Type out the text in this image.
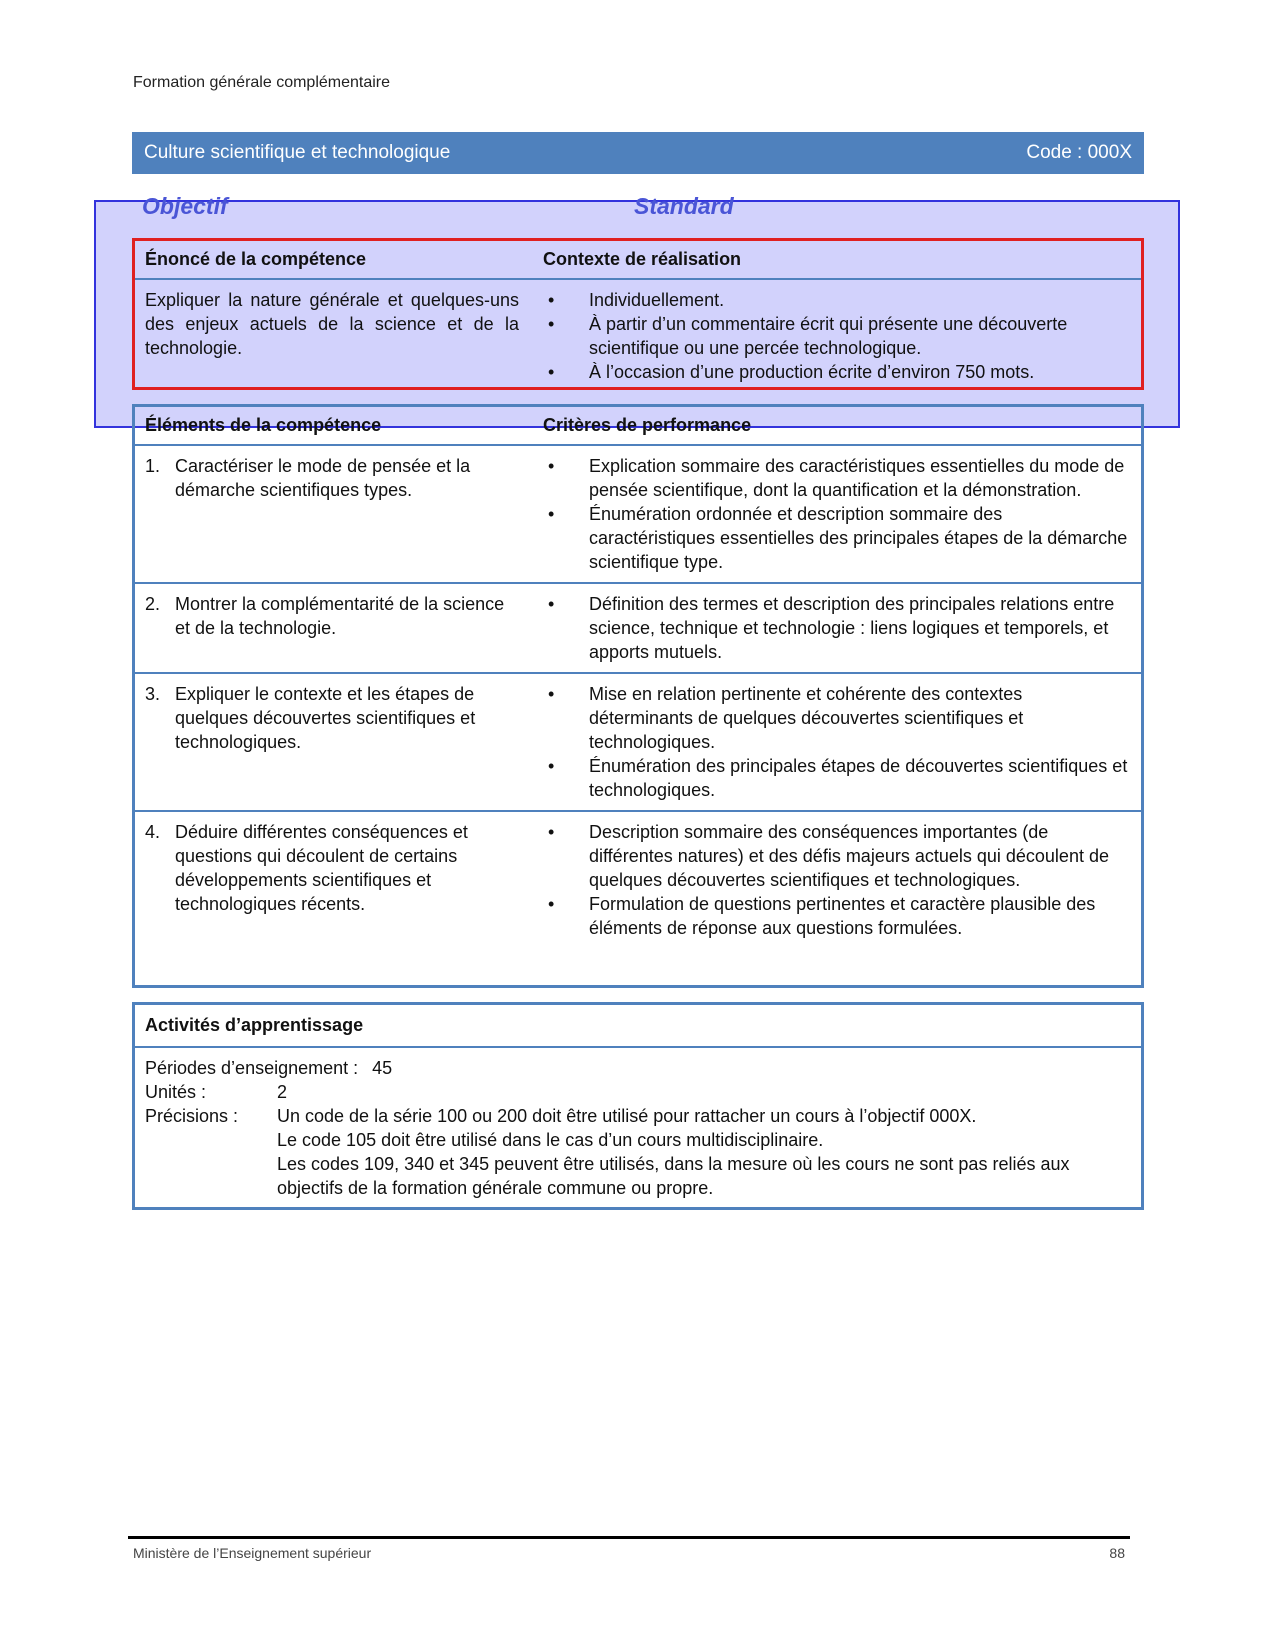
Formation générale complémentaire
Culture scientifique et technologique	Code : 000X
Objectif	Standard
Énoncé de la compétence	Contexte de réalisation
Expliquer la nature générale et quelques-uns des enjeux actuels de la science et de la technologie.
• Individuellement.
• À partir d’un commentaire écrit qui présente une découverte scientifique ou une percée technologique.
• À l’occasion d’une production écrite d’environ 750 mots.
Éléments de la compétence	Critères de performance
1. Caractériser le mode de pensée et la démarche scientifiques types.
• Explication sommaire des caractéristiques essentielles du mode de pensée scientifique, dont la quantification et la démonstration.
• Énumération ordonnée et description sommaire des caractéristiques essentielles des principales étapes de la démarche scientifique type.
2. Montrer la complémentarité de la science et de la technologie.
• Définition des termes et description des principales relations entre science, technique et technologie : liens logiques et temporels, et apports mutuels.
3. Expliquer le contexte et les étapes de quelques découvertes scientifiques et technologiques.
• Mise en relation pertinente et cohérente des contextes déterminants de quelques découvertes scientifiques et technologiques.
• Énumération des principales étapes de découvertes scientifiques et technologiques.
4. Déduire différentes conséquences et questions qui découlent de certains développements scientifiques et technologiques récents.
• Description sommaire des conséquences importantes (de différentes natures) et des défis majeurs actuels qui découlent de quelques découvertes scientifiques et technologiques.
• Formulation de questions pertinentes et caractère plausible des éléments de réponse aux questions formulées.
Activités d’apprentissage
Périodes d’enseignement : 45
Unités :	2
Précisions :	Un code de la série 100 ou 200 doit être utilisé pour rattacher un cours à l’objectif 000X.
Le code 105 doit être utilisé dans le cas d’un cours multidisciplinaire.
Les codes 109, 340 et 345 peuvent être utilisés, dans la mesure où les cours ne sont pas reliés aux objectifs de la formation générale commune ou propre.
Ministère de l’Enseignement supérieur	88
